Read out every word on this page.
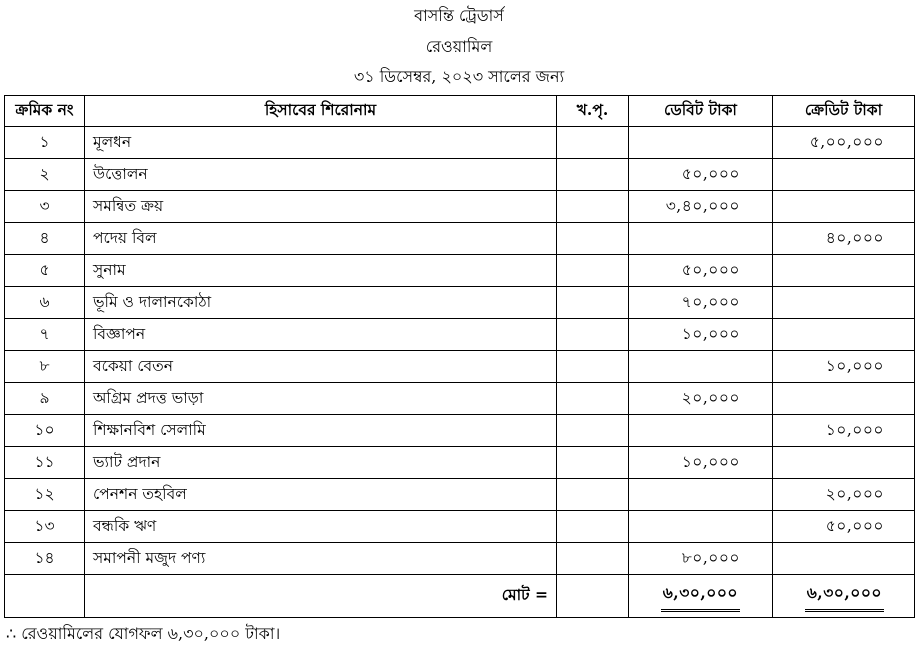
বাসন্তি ট্রেডার্স
রেওয়ামিল
৩১ ডিসেম্বর, ২০২৩ সালের জন্য
ক্রমিক নং	হিসাবের শিরোনাম	খ.পৃ.	ডেবিট টাকা	ক্রেডিট টাকা
১	মূলধন			৫,০০,০০০
২	উত্তোলন		৫০,০০০	
৩	সমন্বিত ক্রয়		৩,৪০,০০০	
৪	পদেয় বিল			৪০,০০০
৫	সুনাম		৫০,০০০	
৬	ভূমি ও দালানকোঠা		৭০,০০০	
৭	বিজ্ঞাপন		১০,০০০	
৮	বকেয়া বেতন			১০,০০০
৯	অগ্রিম প্রদত্ত ভাড়া		২০,০০০	
১০	শিক্ষানবিশ সেলামি			১০,০০০
১১	ভ্যাট প্রদান		১০,০০০	
১২	পেনশন তহবিল			২০,০০০
১৩	বন্ধকি ঋণ			৫০,০০০
১৪	সমাপনী মজুদ পণ্য		৮০,০০০	
	মোট =		৬,৩০,০০০	৬,৩০,০০০
∴ রেওয়ামিলের যোগফল ৬,৩০,০০০ টাকা।
